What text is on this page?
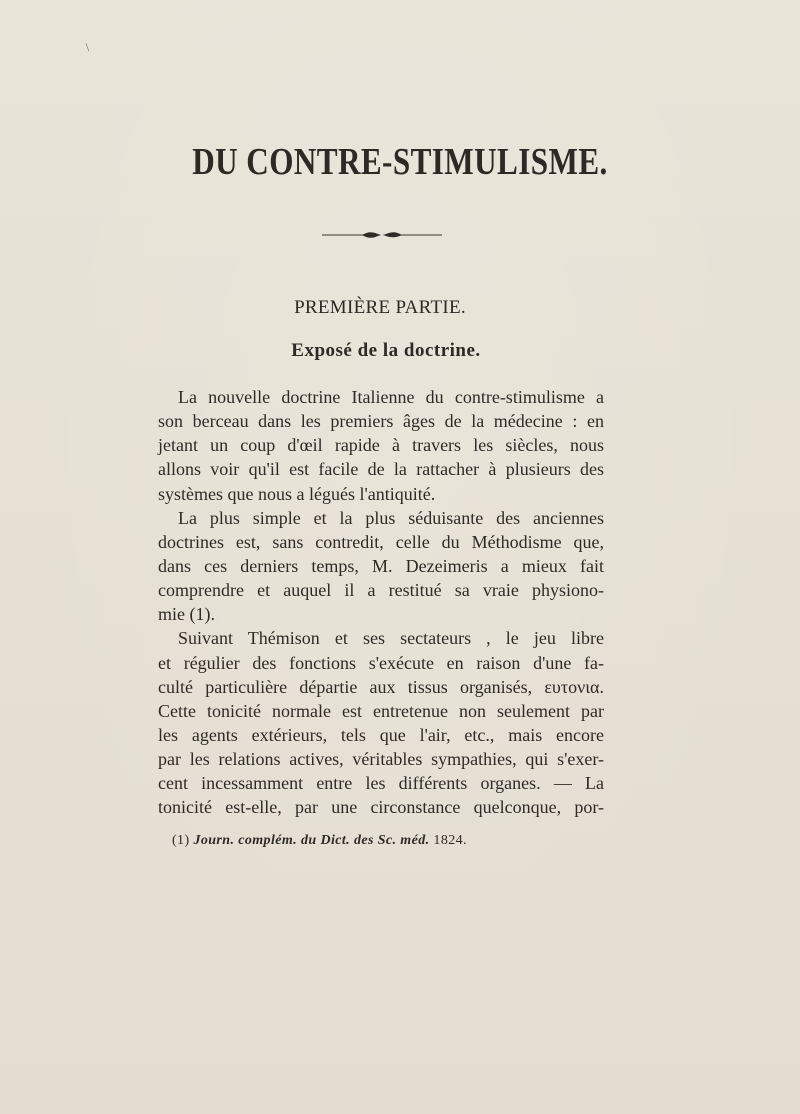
/
DU CONTRE-STIMULISME.
PREMIÈRE PARTIE.
Exposé de la doctrine.
La nouvelle doctrine Italienne du contre-stimulisme a
son berceau dans les premiers âges de la médecine : en
jetant un coup d'œil rapide à travers les siècles, nous
allons voir qu'il est facile de la rattacher à plusieurs des
systèmes que nous a légués l'antiquité.
La plus simple et la plus séduisante des anciennes
doctrines est, sans contredit, celle du Méthodisme que,
dans ces derniers temps, M. Dezeimeris a mieux fait
comprendre et auquel il a restitué sa vraie physiono-
mie (1).
Suivant Thémison et ses sectateurs , le jeu libre
et régulier des fonctions s'exécute en raison d'une fa-
culté particulière départie aux tissus organisés, ευτονια.
Cette tonicité normale est entretenue non seulement par
les agents extérieurs, tels que l'air, etc., mais encore
par les relations actives, véritables sympathies, qui s'exer-
cent incessamment entre les différents organes. — La
tonicité est-elle, par une circonstance quelconque, por-
(1) Journ. complém. du Dict. des Sc. méd. 1824.
